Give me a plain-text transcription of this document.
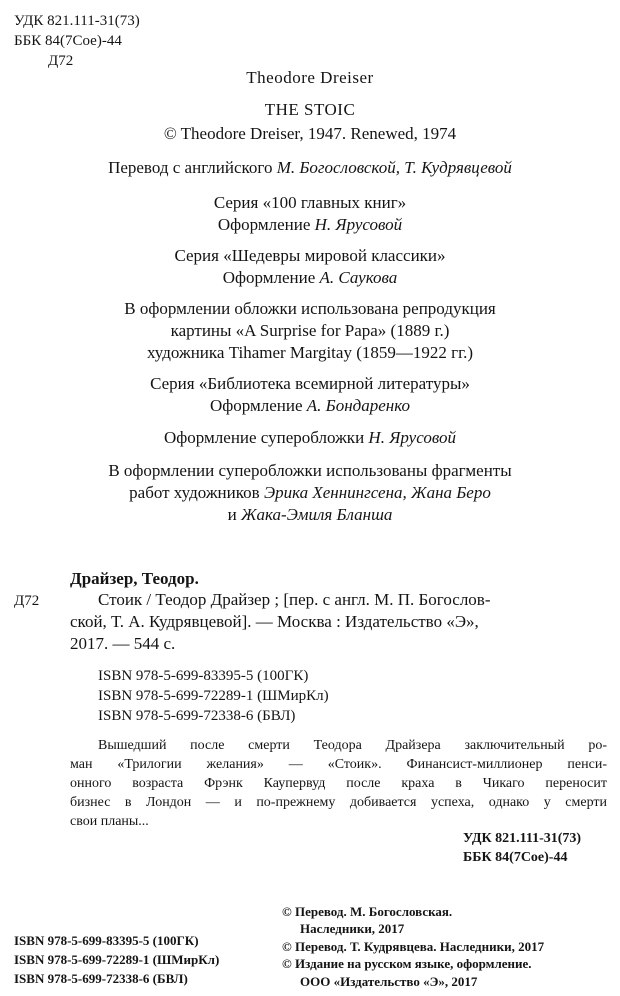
УДК 821.111-31(73)
ББК 84(7Сое)-44
Д72
Theodore Dreiser
THE STOIC
© Theodore Dreiser, 1947. Renewed, 1974
Перевод с английского М. Богословской, Т. Кудрявцевой
Серия «100 главных книг»
Оформление Н. Ярусовой
Серия «Шедевры мировой классики»
Оформление А. Саукова
В оформлении обложки использована репродукция
картины «A Surprise for Papa» (1889 г.)
художника Tihamer Margitay (1859—1922 гг.)
Серия «Библиотека всемирной литературы»
Оформление А. Бондаренко
Оформление суперобложки Н. Ярусовой
В оформлении суперобложки использованы фрагменты
работ художников Эрика Хеннингсена, Жана Беро
и Жака-Эмиля Бланша
Драйзер, Теодор.
Д72	Стоик / Теодор Драйзер ; [пер. с англ. М. П. Богослов-
ской, Т. А. Кудрявцевой]. — Москва : Издательство «Э»,
2017. — 544 с.
ISBN 978-5-699-83395-5 (100ГК)
ISBN 978-5-699-72289-1 (ШМирКл)
ISBN 978-5-699-72338-6 (БВЛ)
Вышедший после смерти Теодора Драйзера заключительный ро-
ман «Трилогии желания» — «Стоик». Финансист-миллионер пенси-
онного возраста Фрэнк Каупервуд после краха в Чикаго переносит
бизнес в Лондон — и по-прежнему добивается успеха, однако у смерти
свои планы...
УДК 821.111-31(73)
ББК 84(7Сое)-44
ISBN 978-5-699-83395-5 (100ГК)
ISBN 978-5-699-72289-1 (ШМирКл)
ISBN 978-5-699-72338-6 (БВЛ)
© Перевод. М. Богословская.
Наследники, 2017
© Перевод. Т. Кудрявцева. Наследники, 2017
© Издание на русском языке, оформление.
ООО «Издательство «Э», 2017
